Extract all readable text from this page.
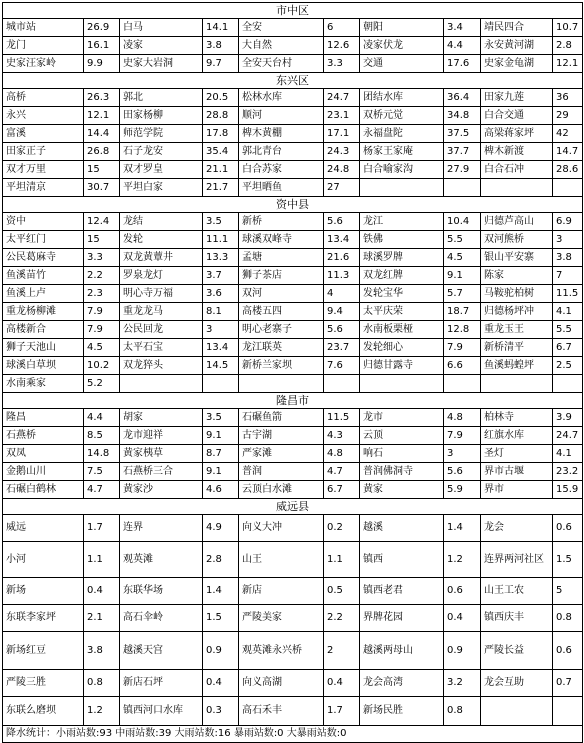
市中区									
城市站	26.9	白马	14.1	全安	6	朝阳	3.4	靖民四合	10.7
龙门	16.1	凌家	3.8	大自然	12.6	凌家伏龙	4.4	永安黄河湖	2.8
史家汪家岭	9.9	史家大岩洞	9.7	全安天台村	3.3	交通	17.6	史家金龟湖	12.1
东兴区									
高桥	26.3	郭北	20.5	松林水库	24.7	团结水库	36.4	田家九莲	36
永兴	12.1	田家杨柳	28.8	顺河	23.1	双桥元觉	34.8	白合交通	29
富溪	14.4	师范学院	17.8	椑木黄棚	17.1	永福盘陀	37.5	高梁蒋家坪	42
田家正子	26.8	石子龙安	35.4	郭北青台	24.3	杨家王家庵	37.7	椑木新渡	14.7
双才万里	15	双才罗皇	21.1	白合苏家	24.8	白合喻家沟	27.9	白合石冲	28.6
平坦清京	30.7	平坦白家	21.7	平坦晒鱼	27				
资中县									
资中	12.4	龙结	3.5	新桥	5.6	龙江	10.4	归德芦高山	6.9
太平红门	15	发轮	11.1	球溪双峰寺	13.4	铁佛	5.5	双河熊桥	3
公民葛麻寺	3.3	双龙黄蕈井	13.3	孟塘	21.6	球溪罗牌	4.5	银山平安寨	3.8
鱼溪苗竹	2.2	罗泉龙灯	3.7	狮子茶店	11.3	双龙红牌	9.1	陈家	7
鱼溪上卢	2.3	明心寺万福	3.6	双河	4	发轮宝华	5.7	马鞍驼柏树	11.5
重龙杨柳滩	7.9	重龙龙马	8.1	高楼五四	9.4	太平庆荣	18.7	归德杨坪冲	4.1
高楼新合	7.9	公民回龙	3	明心老寨子	5.6	水南板栗桠	12.8	重龙玉王	5.5
狮子天池山	4.5	太平石宝	13.4	龙江联英	23.7	发轮细心	7.9	新桥清平	6.7
球溪白草坝	10.2	双龙猝头	14.5	新桥兰家坝	7.6	归德甘露寺	6.6	鱼溪蚂蝗坪	2.5
水南乘家	5.2								
隆昌市									
隆昌	4.4	胡家	3.5	石碾鱼箭	11.5	龙市	4.8	柏林寺	3.9
石燕桥	8.5	龙市迎祥	9.1	古宇湖	4.3	云顶	7.9	红旗水库	24.7
双凤	14.8	黄家桋草	8.7	严家滩	4.8	响石	3	圣灯	4.1
金鹅山川	7.5	石燕桥三合	9.1	普润	4.7	普润佛洞寺	5.6	界市古堰	23.2
石碾白鹤林	4.7	黄家沙	4.6	云顶白水滩	6.7	黄家	5.9	界市	15.9
威远县									
威远	1.7	连界	4.9	向义大冲	0.2	越溪	1.4	龙会	0.6
小河	1.1	观英滩	2.8	山王	1.1	镇西	1.2	连界两河社区	1.5
新场	0.4	东联华场	1.4	新店	0.5	镇西老君	0.6	山王工农	5
东联李家坪	2.1	高石伞岭	1.5	严陵美家	2.2	界牌花园	0.4	镇西庆丰	0.8
新场红豆	3.8	越溪天宫	0.9	观英滩永兴桥	2	越溪两母山	0.9	严陵长益	0.6
严陵三胜	0.8	新店石坪	0.4	向义高湖	0.4	龙会高湾	3.2	龙会互助	0.7
东联么磨坝	1.2	镇西河口水库	0.3	高石禾丰	1.7	新场民胜	0.8		
降水统计：小雨站数:93 中雨站数:39 大雨站数:16 暴雨站数:0 大暴雨站数:0									
